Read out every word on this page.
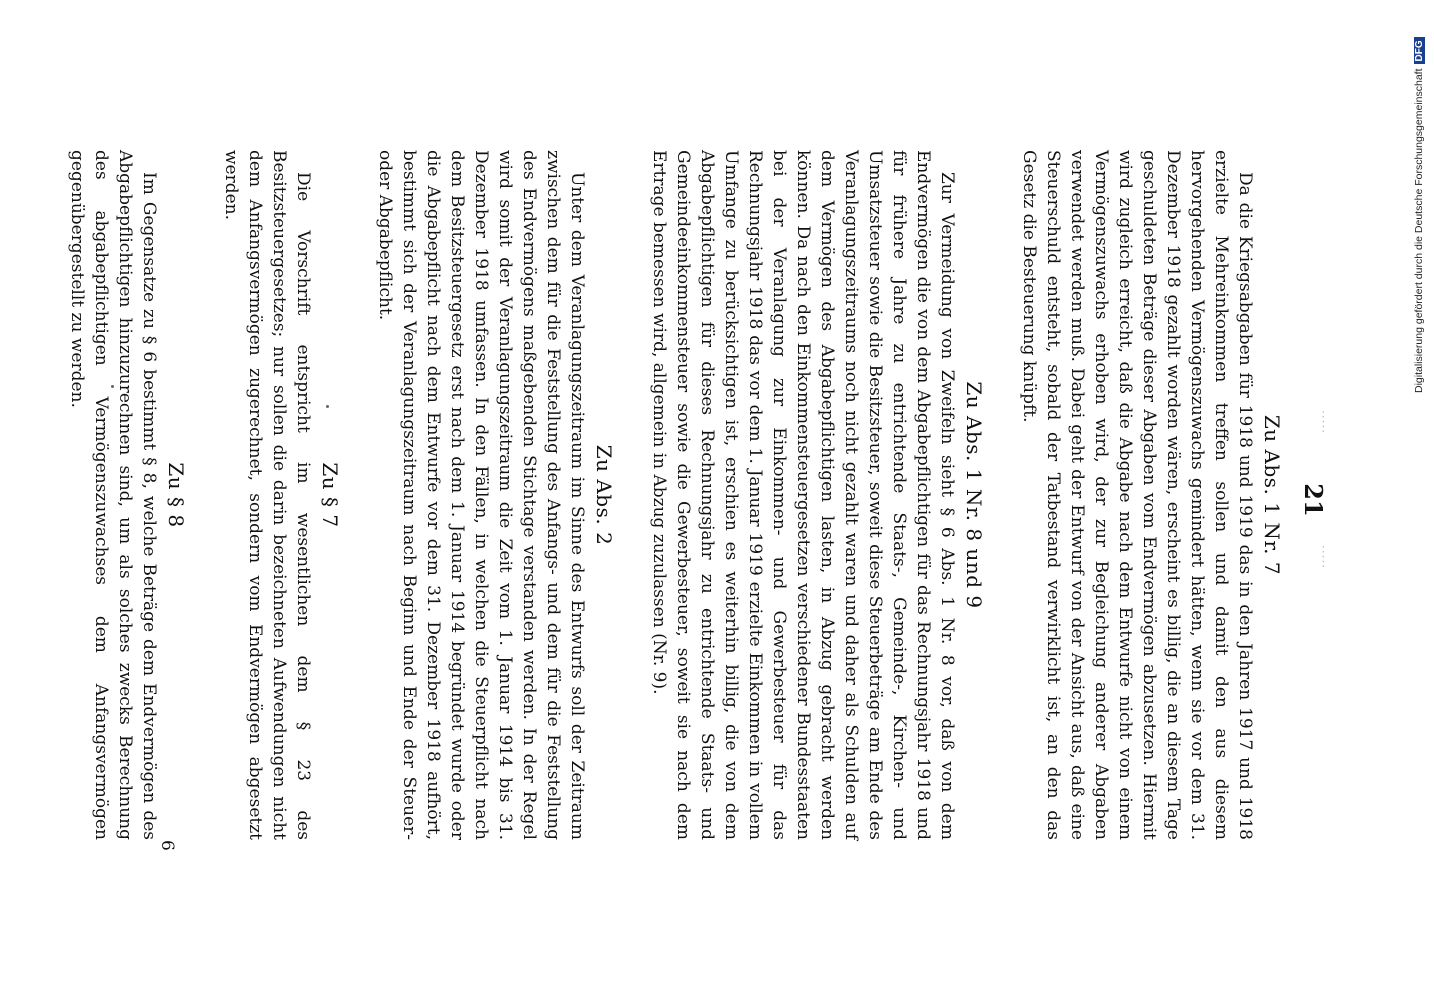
·····
21
·····
Zu Abs. 1 Nr. 7

Da die Kriegsabgaben für 1918 und 1919 das in den Jahren 1917 und 1918 erzielte Mehreinkommen treffen sollen und damit den aus diesem hervorgehenden Vermögenszuwachs gemindert hätten, wenn sie vor dem 31. Dezember 1918 gezahlt worden wären, erscheint es billig, die an diesem Tage geschuldeten Beträge dieser Abgaben vom Endvermögen abzusetzen. Hiermit wird zugleich erreicht, daß die Abgabe nach dem Entwurfe nicht von einem Vermögenszuwachs erhoben wird, der zur Begleichung anderer Abgaben verwendet werden muß. Dabei geht der Entwurf von der Ansicht aus, daß eine Steuerschuld entsteht, sobald der Tatbestand verwirklicht ist, an den das Gesetz die Besteuerung knüpft.

Zu Abs. 1 Nr. 8 und 9

Zur Vermeidung von Zweifeln sieht § 6 Abs. 1 Nr. 8 vor, daß von dem Endvermögen die von dem Abgabepflichtigen für das Rechnungsjahr 1918 und für frühere Jahre zu entrichtende Staats-, Gemeinde-, Kirchen- und Umsatzsteuer sowie die Besitzsteuer, soweit diese Steuerbeträge am Ende des Veranlagungszeitraums noch nicht gezahlt waren und daher als Schulden auf dem Vermögen des Abgabepflichtigen lasten, in Abzug gebracht werden können. Da nach den Einkommensteuergesetzen verschiedener Bundesstaaten bei der Veranlagung zur Einkommen- und Gewerbesteuer für das Rechnungsjahr 1918 das vor dem 1. Januar 1919 erzielte Einkommen in vollem Umfange zu berücksichtigen ist, erschien es weiterhin billig, die von dem Abgabepflichtigen für dieses Rechnungsjahr zu entrichtende Staats- und Gemeindeeinkommensteuer sowie die Gewerbesteuer, soweit sie nach dem Ertrage bemessen wird, allgemein in Abzug zuzulassen (Nr. 9).

Zu Abs. 2

Unter dem Veranlagungszeitraum im Sinne des Entwurfs soll der Zeitraum zwischen dem für die Feststellung des Anfangs- und dem für die Feststellung des Endvermögens maßgebenden Stichtage verstanden werden. In der Regel wird somit der Veranlagungszeitraum die Zeit vom 1. Januar 1914 bis 31. Dezember 1918 umfassen. In den Fällen, in welchen die Steuerpflicht nach dem Besitzsteuergesetz erst nach dem 1. Januar 1914 begründet wurde oder die Abgabepflicht nach dem Entwurfe vor dem 31. Dezember 1918 aufhört, bestimmt sich der Veranlagungszeitraum nach Beginn und Ende der Steuer- oder Abgabepflicht.

Zu § 7

Die Vorschrift entspricht im wesentlichen dem § 23 des Besitzsteuergesetzes; nur sollen die darin bezeichneten Aufwendungen nicht dem Anfangsvermögen zugerechnet, sondern vom Endvermögen abgesetzt werden.

Zu § 8

Im Gegensatze zu § 6 bestimmt § 8, welche Beträge dem Endvermögen des Abgabepflichtigen hinzuzurechnen sind, um als solches zwecks Berechnung des abgabepflichtigen Vermögenszuwachses dem Anfangsvermögen gegenübergestellt zu werden.

6
Digitalisierung gefördert durch die Deutsche ForschungsgemeinschaftDFG
